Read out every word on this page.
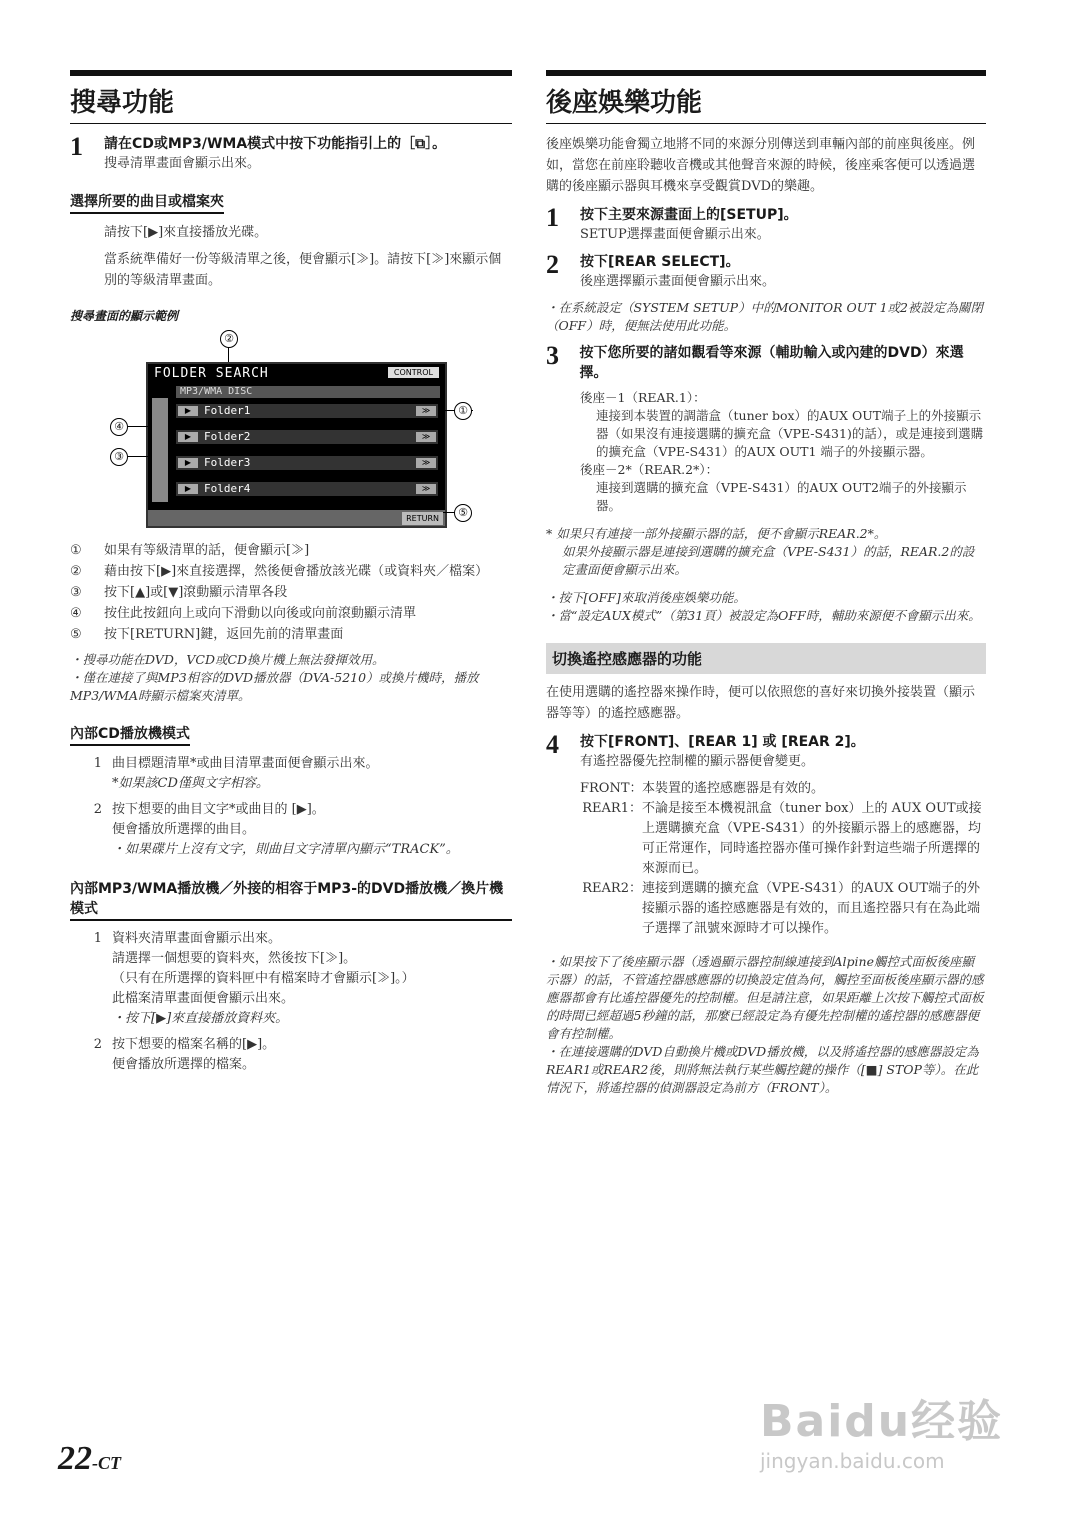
搜尋功能
1	請在CD或MP3/WMA模式中按下功能指引上的［⧉］。
搜尋清單畫面會顯示出來。
選擇所要的曲目或檔案夾

請按下[▶]來直接播放光碟。

當系統準備好一份等級清單之後，便會顯示[≫]。請按下[≫]來顯示個別的等級清單畫面。

搜尋畫面的顯示範例
②
FOLDER SEARCH	CONTROL
MP3/WMA DISC
▶	Folder1	≫
▶	Folder2	≫
▶	Folder3	≫
▶	Folder4	≫
RETURN
①
④
③
⑤
①	如果有等級清單的話，便會顯示[≫]
②	藉由按下[▶]來直接選擇，然後便會播放該光碟（或資料夾／檔案）
③	按下[▲]或[▼]滾動顯示清單各段
④	按住此按鈕向上或向下滑動以向後或向前滾動顯示清單
⑤	按下[RETURN]鍵，返回先前的清單畫面

・搜尋功能在DVD，VCD或CD換片機上無法發揮效用。

・僅在連接了與MP3相容的DVD播放器（DVA-5210）或換片機時，播放MP3/WMA時顯示檔案夾清單。

內部CD播放機模式
1 曲目標題清單*或曲目清單畫面便會顯示出來。
*如果該CD僅與文字相容。
2 按下想要的曲目文字*或曲目的 [▶]。
便會播放所選擇的曲目。
・如果碟片上沒有文字，則曲目文字清單內顯示“TRACK”。
內部MP3/WMA播放機／外接的相容于MP3-的DVD播放機／換片機模式
1 資料夾清單畫面會顯示出來。
請選擇一個想要的資料夾，然後按下[≫]。
（只有在所選擇的資料匣中有檔案時才會顯示[≫]。）
此檔案清單畫面便會顯示出來。
・按下[▶]來直接播放資料夾。
2 按下想要的檔案名稱的[▶]。
便會播放所選擇的檔案。
後座娛樂功能

後座娛樂功能會獨立地將不同的來源分別傳送到車輛內部的前座與後座。例如，當您在前座聆聽收音機或其他聲音來源的時候，後座乘客便可以透過選購的後座顯示器與耳機來享受觀賞DVD的樂趣。

1	按下主要來源畫面上的[SETUP]。
SETUP選擇畫面便會顯示出來。
2	按下[REAR SELECT]。
後座選擇顯示畫面便會顯示出來。

・在系統設定（SYSTEM SETUP）中的MONITOR OUT 1或2被設定為關閉（OFF）時，便無法使用此功能。

3	按下您所要的諸如觀看等來源（輔助輸入或內建的DVD）來選擇。
後座－1（REAR.1）：
連接到本裝置的調諧盒（tuner box）的AUX OUT端子上的外接顯示器（如果沒有連接選購的擴充盒（VPE-S431)的話），或是連接到選購的擴充盒（VPE-S431）的AUX OUT1 端子的外接顯示器。
後座－2*（REAR.2*）：
連接到選購的擴充盒（VPE-S431）的AUX OUT2端子的外接顯示器。

* 如果只有連接一部外接顯示器的話，便不會顯示REAR.2*。

如果外接顯示器是連接到選購的擴充盒（VPE-S431）的話，REAR.2的設定畫面便會顯示出來。

・按下[OFF]來取消後座娛樂功能。

・當“設定AUX模式”（第31頁）被設定為OFF時，輔助來源便不會顯示出來。

切換遙控感應器的功能

在使用選購的遙控器來操作時，便可以依照您的喜好來切換外接裝置（顯示器等等）的遙控感應器。

4	按下[FRONT]、[REAR 1] 或 [REAR 2]。
有遙控器優先控制權的顯示器便會變更。
FRONT： 本裝置的遙控感應器是有效的。
REAR1： 不論是接至本機視訊盒（tuner box）上的 AUX OUT或接上選購擴充盒（VPE-S431）的外接顯示器上的感應器，均可正常運作，同時遙控器亦僅可操作針對這些端子所選擇的來源而已。
REAR2： 連接到選購的擴充盒（VPE-S431）的AUX OUT端子的外接顯示器的遙控感應器是有效的，而且遙控器只有在為此端子選擇了訊號來源時才可以操作。

・如果按下了後座顯示器（透過顯示器控制線連接到Alpine觸控式面板後座顯示器）的話，不管遙控器感應器的切換設定值為何，觸控至面板後座顯示器的感應器都會有比遙控器優先的控制權。但是請注意，如果距離上次按下觸控式面板的時間已經超過5秒鐘的話，那麼已經設定為有優先控制權的遙控器的感應器便會有控制權。

・在連接選購的DVD自動換片機或DVD播放機，以及將遙控器的感應器設定為REAR1或REAR2後，則將無法執行某些觸控鍵的操作（[■] STOP等）。在此情況下，將遙控器的偵測器設定為前方（FRONT）。

22-CT
Baidu经验
jingyan.baidu.com
